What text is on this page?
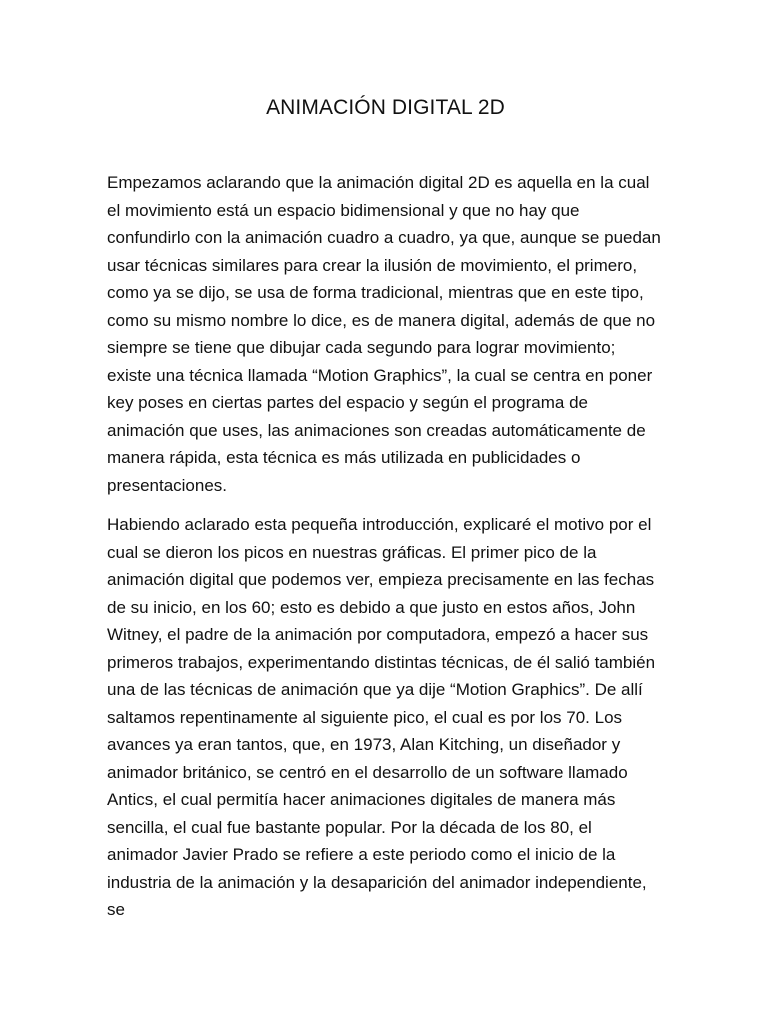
ANIMACIÓN DIGITAL 2D

Empezamos aclarando que la animación digital 2D es aquella en la cual el movimiento está un espacio bidimensional y que no hay que confundirlo con la animación cuadro a cuadro, ya que, aunque se puedan usar técnicas similares para crear la ilusión de movimiento, el primero, como ya se dijo, se usa de forma tradicional, mientras que en este tipo, como su mismo nombre lo dice, es de manera digital, además de que no siempre se tiene que dibujar cada segundo para lograr movimiento; existe una técnica llamada “Motion Graphics”, la cual se centra en poner key poses en ciertas partes del espacio y según el programa de animación que uses, las animaciones son creadas automáticamente de manera rápida, esta técnica es más utilizada en publicidades o presentaciones.

Habiendo aclarado esta pequeña introducción, explicaré el motivo por el cual se dieron los picos en nuestras gráficas. El primer pico de la animación digital que podemos ver, empieza precisamente en las fechas de su inicio, en los 60; esto es debido a que justo en estos años, John Witney, el padre de la animación por computadora, empezó a hacer sus primeros trabajos, experimentando distintas técnicas, de él salió también una de las técnicas de animación que ya dije “Motion Graphics”. De allí saltamos repentinamente al siguiente pico, el cual es por los 70. Los avances ya eran tantos, que, en 1973, Alan Kitching, un diseñador y animador británico, se centró en el desarrollo de un software llamado Antics, el cual permitía hacer animaciones digitales de manera más sencilla, el cual fue bastante popular. Por la década de los 80, el animador Javier Prado se refiere a este periodo como el inicio de la industria de la animación y la desaparición del animador independiente, se
